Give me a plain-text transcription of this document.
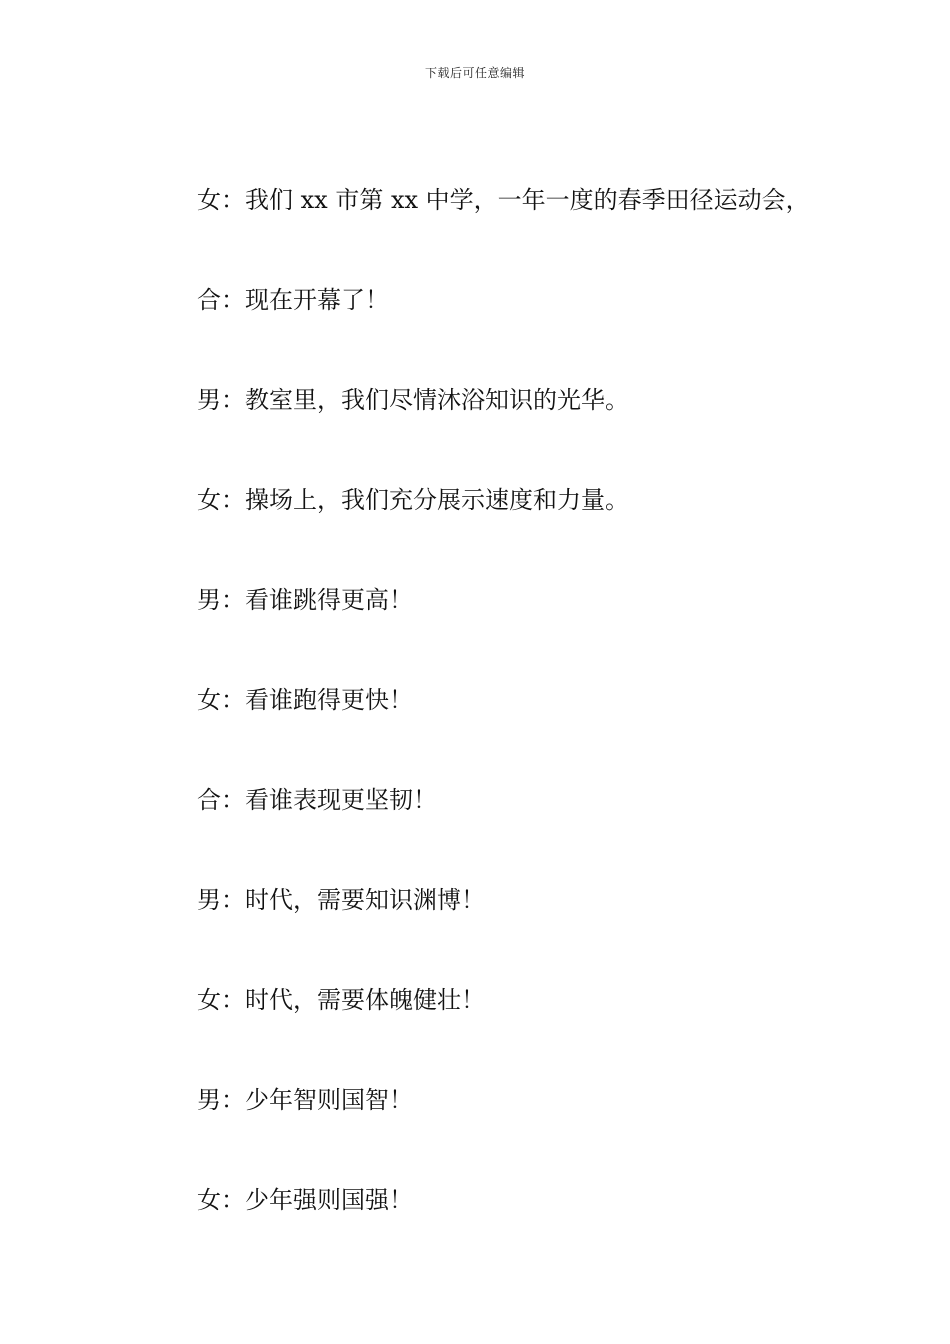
下载后可任意编辑
女：我们 xx 市第 xx 中学，一年一度的春季田径运动会，
合：现在开幕了！
男：教室里，我们尽情沐浴知识的光华。
女：操场上，我们充分展示速度和力量。
男：看谁跳得更高！
女：看谁跑得更快！
合：看谁表现更坚韧！
男：时代，需要知识渊博！
女：时代，需要体魄健壮！
男：少年智则国智！
女：少年强则国强！
